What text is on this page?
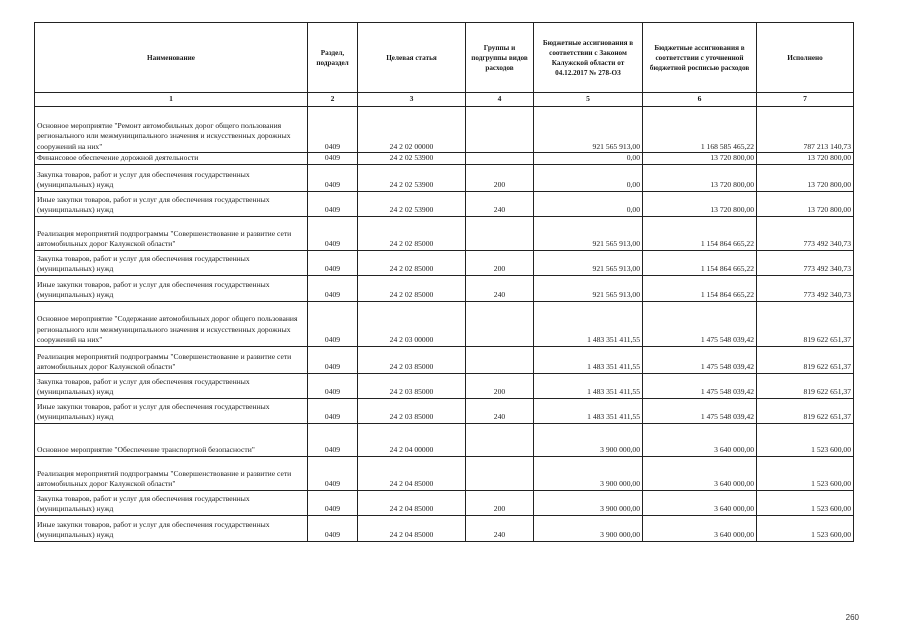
Наименование	Раздел, подраздел	Целевая статья	Группы и подгруппы видов расходов	Бюджетные ассигнования в соответствии с Законом Калужской области от 04.12.2017 № 278-ОЗ	Бюджетные ассигнования в соответствии с уточненной бюджетной росписью расходов	Исполнено
1	2	3	4	5	6	7
Основное мероприятие "Ремонт автомобильных дорог общего пользования регионального или межмуниципального значения и искусственных дорожных сооружений на них"	0409	24 2 02 00000		921 565 913,00	1 168 585 465,22	787 213 140,73
Финансовое обеспечение дорожной деятельности	0409	24 2 02 53900		0,00	13 720 800,00	13 720 800,00
Закупка товаров, работ и услуг для обеспечения государственных (муниципальных) нужд	0409	24 2 02 53900	200	0,00	13 720 800,00	13 720 800,00
Иные закупки товаров, работ и услуг для обеспечения государственных (муниципальных) нужд	0409	24 2 02 53900	240	0,00	13 720 800,00	13 720 800,00
Реализация мероприятий подпрограммы "Совершенствование и развитие сети автомобильных дорог Калужской области"	0409	24 2 02 85000		921 565 913,00	1 154 864 665,22	773 492 340,73
Закупка товаров, работ и услуг для обеспечения государственных (муниципальных) нужд	0409	24 2 02 85000	200	921 565 913,00	1 154 864 665,22	773 492 340,73
Иные закупки товаров, работ и услуг для обеспечения государственных (муниципальных) нужд	0409	24 2 02 85000	240	921 565 913,00	1 154 864 665,22	773 492 340,73
Основное мероприятие "Содержание автомобильных дорог общего пользования регионального или межмуниципального значения и искусственных дорожных сооружений на них"	0409	24 2 03 00000		1 483 351 411,55	1 475 548 039,42	819 622 651,37
Реализация мероприятий подпрограммы "Совершенствование и развитие сети автомобильных дорог Калужской области"	0409	24 2 03 85000		1 483 351 411,55	1 475 548 039,42	819 622 651,37
Закупка товаров, работ и услуг для обеспечения государственных (муниципальных) нужд	0409	24 2 03 85000	200	1 483 351 411,55	1 475 548 039,42	819 622 651,37
Иные закупки товаров, работ и услуг для обеспечения государственных (муниципальных) нужд	0409	24 2 03 85000	240	1 483 351 411,55	1 475 548 039,42	819 622 651,37
Основное мероприятие "Обеспечение транспортной безопасности"	0409	24 2 04 00000		3 900 000,00	3 640 000,00	1 523 600,00
Реализация мероприятий подпрограммы "Совершенствование и развитие сети автомобильных дорог Калужской области"	0409	24 2 04 85000		3 900 000,00	3 640 000,00	1 523 600,00
Закупка товаров, работ и услуг для обеспечения государственных (муниципальных) нужд	0409	24 2 04 85000	200	3 900 000,00	3 640 000,00	1 523 600,00
Иные закупки товаров, работ и услуг для обеспечения государственных (муниципальных) нужд	0409	24 2 04 85000	240	3 900 000,00	3 640 000,00	1 523 600,00
260
